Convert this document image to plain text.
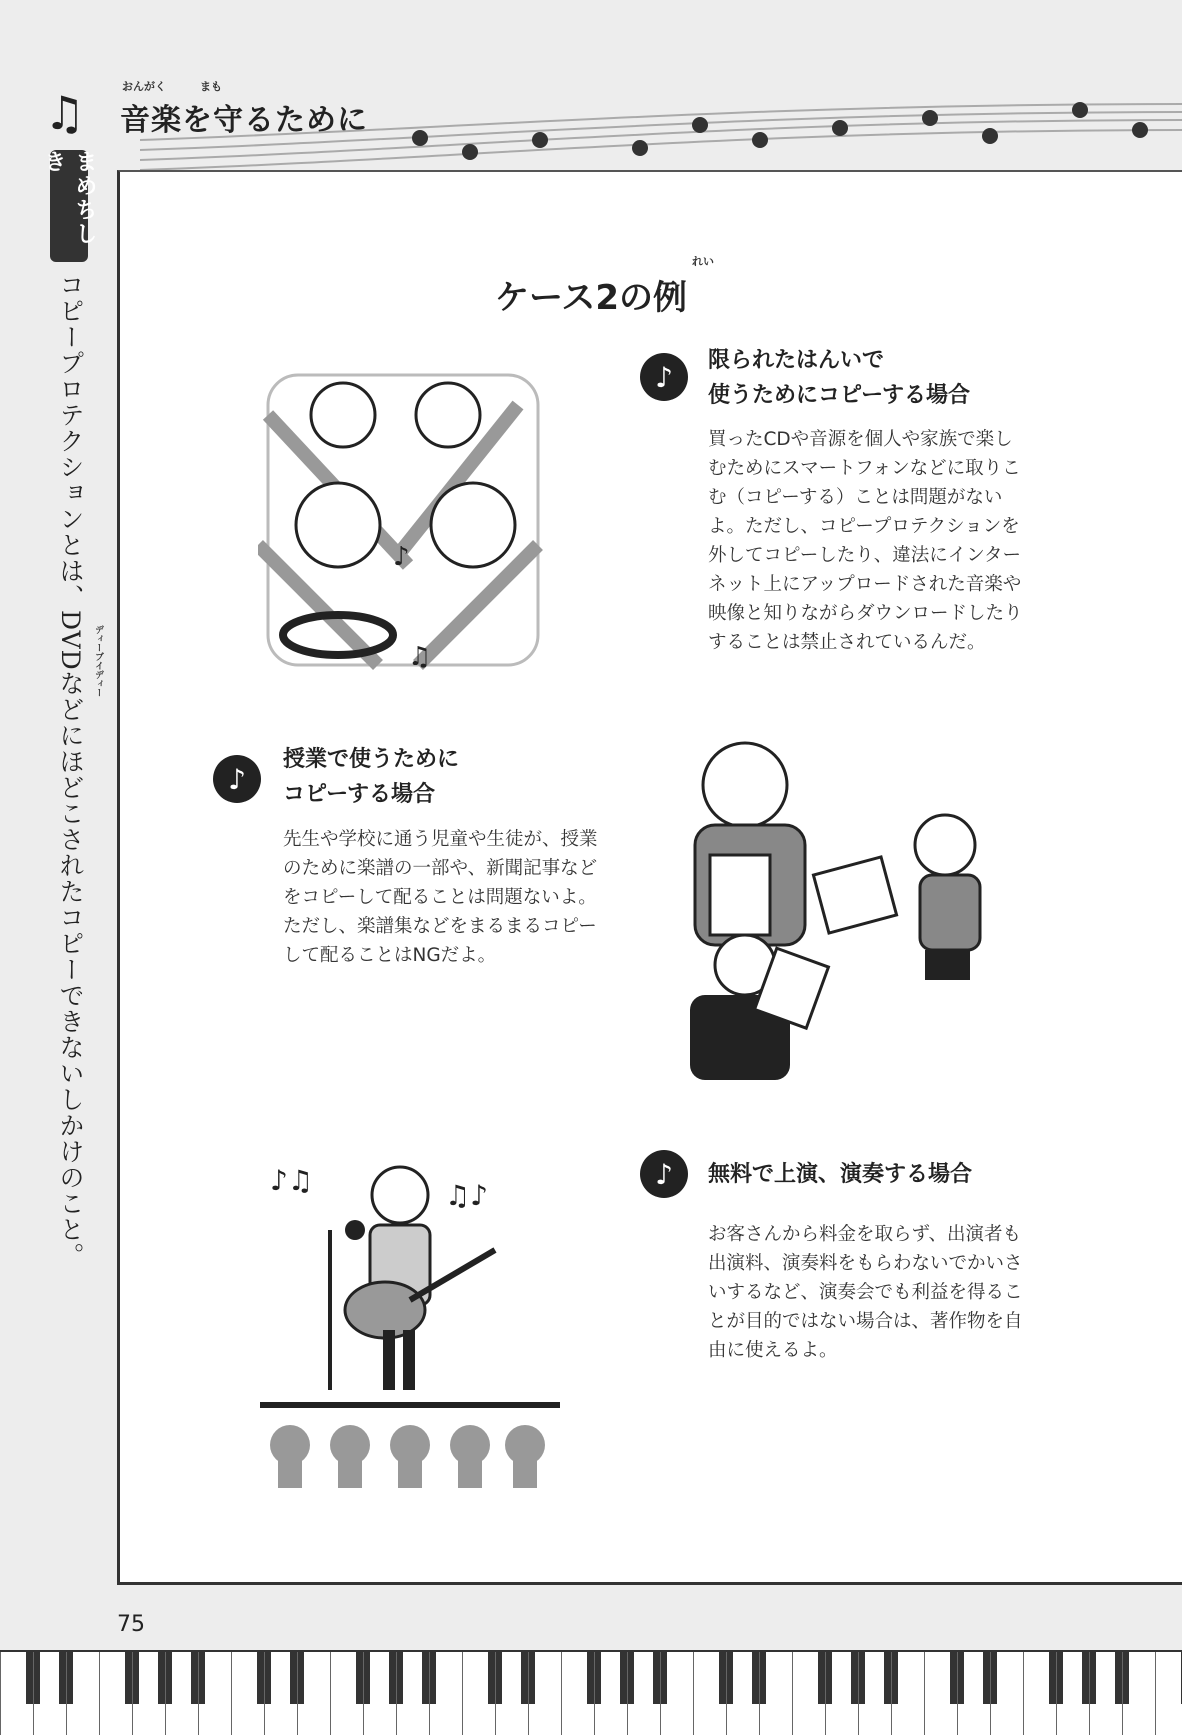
♫	おんがく	まも
音楽を守るために
まめちしき
コピープロテクションとは、DVDなどにほどこされたコピーできないしかけのこと。 ディーブイディー
れい
ケース2の例
♪	限られたはんいで
使うためにコピーする場合
買ったCDや音源を個人や家族で楽しむためにスマートフォンなどに取りこむ（コピーする）ことは問題がないよ。ただし、コピープロテクションを外してコピーしたり、違法にインターネット上にアップロードされた音楽や映像と知りながらダウンロードしたりすることは禁止されているんだ。
♪
♫
♪
授業で使うために
コピーする場合
先生や学校に通う児童や生徒が、授業のために楽譜の一部や、新聞記事などをコピーして配ることは問題ないよ。ただし、楽譜集などをまるまるコピーして配ることはNGだよ。
♪	無料で上演、演奏する場合
お客さんから料金を取らず、出演者も出演料、演奏料をもらわないでかいさいするなど、演奏会でも利益を得ることが目的ではない場合は、著作物を自由に使えるよ。
♪♫	♫♪
75
